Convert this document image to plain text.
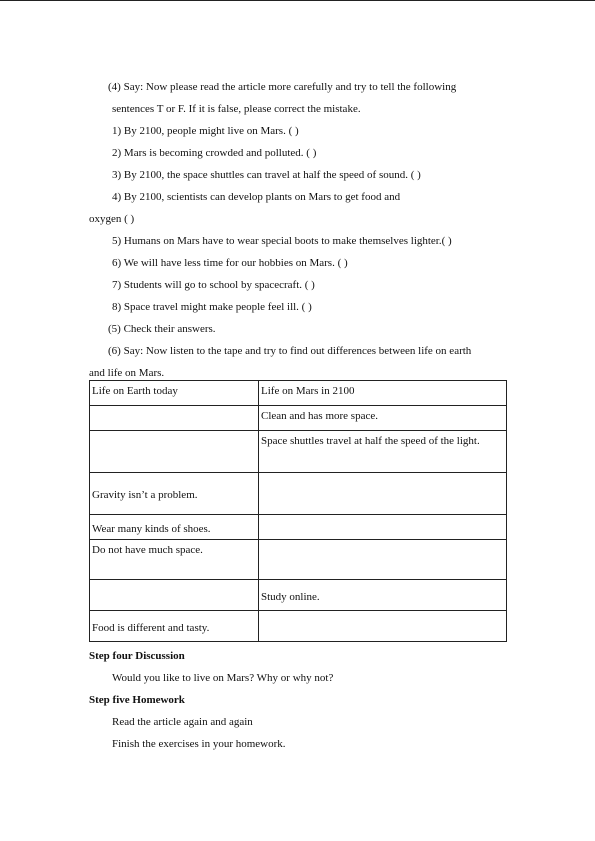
(4) Say: Now please read the article more carefully and try to tell the following
sentences T or F. If it is false, please correct the mistake.
1) By 2100, people might live on Mars. ( )
2) Mars is becoming crowded and polluted. ( )
3) By 2100, the space shuttles can travel at half the speed of sound. ( )
4) By 2100, scientists can develop plants on Mars to get food and
oxygen ( )
5) Humans on Mars have to wear special boots to make themselves lighter.( )
6) We will have less time for our hobbies on Mars. ( )
7) Students will go to school by spacecraft. ( )
8) Space travel might make people feel ill. ( )
(5) Check their answers.
(6) Say: Now listen to the tape and try to find out differences between life on earth
and life on Mars.
Life on Earth today	Life on Mars in 2100
	Clean and has more space.
	Space shuttles travel at half the speed of the light.
Gravity isn’t a problem.	
Wear many kinds of shoes.	
Do not have much space.	
	Study online.
Food is different and tasty.	
Step four Discussion
Would you like to live on Mars? Why or why not?
Step five Homework
Read the article again and again
Finish the exercises in your homework.
